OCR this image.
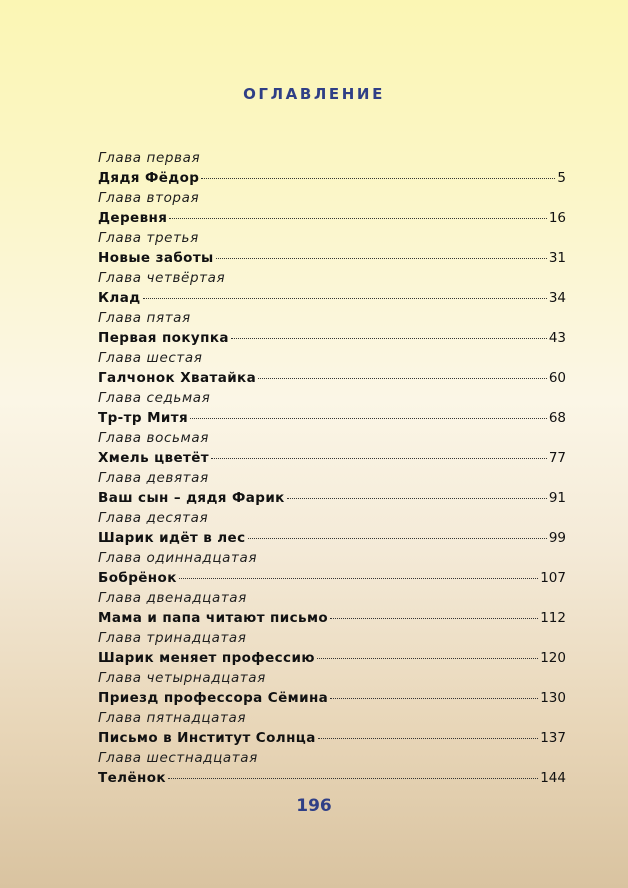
ОГЛАВЛЕНИЕ
Глава первая
Дядя Фёдор	5
Глава вторая
Деревня	16
Глава третья
Новые заботы	31
Глава четвёртая
Клад	34
Глава пятая
Первая покупка	43
Глава шестая
Галчонок Хватайка	60
Глава седьмая
Тр-тр Митя	68
Глава восьмая
Хмель цветёт	77
Глава девятая
Ваш сын – дядя Фарик	91
Глава десятая
Шарик идёт в лес	99
Глава одиннадцатая
Бобрёнок	107
Глава двенадцатая
Мама и папа читают письмо	112
Глава тринадцатая
Шарик меняет профессию	120
Глава четырнадцатая
Приезд профессора Сёмина	130
Глава пятнадцатая
Письмо в Институт Солнца	137
Глава шестнадцатая
Телёнок	144
196
